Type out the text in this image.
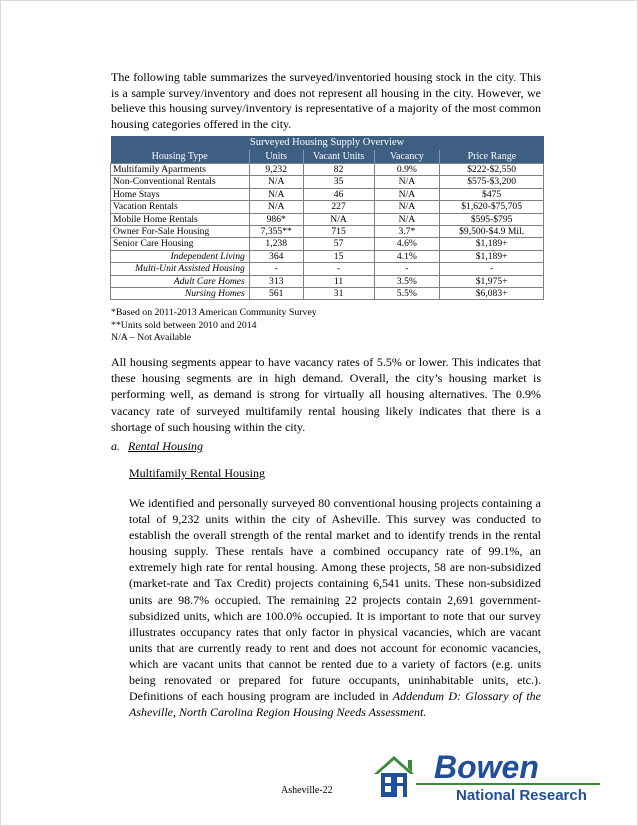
The following table summarizes the surveyed/inventoried housing stock in the city. This is a sample survey/inventory and does not represent all housing in the city. However, we believe this housing survey/inventory is representative of a majority of the most common housing categories offered in the city.

Surveyed Housing Supply Overview				
Housing Type	Units	Vacant Units	Vacancy	Price Range
Multifamily Apartments	9,232	82	0.9%	$222-$2,550
Non-Conventional Rentals	N/A	35	N/A	$575-$3,200
Home Stays	N/A	46	N/A	$475
Vacation Rentals	N/A	227	N/A	$1,620-$75,705
Mobile Home Rentals	986*	N/A	N/A	$595-$795
Owner For-Sale Housing	7,355**	715	3.7*	$9,500-$4.9 Mil.
Senior Care Housing	1,238	57	4.6%	$1,189+
Independent Living	364	15	4.1%	$1,189+
Multi-Unit Assisted Housing	-	-	-	-
Adult Care Homes	313	11	3.5%	$1,975+
Nursing Homes	561	31	5.5%	$6,083+
*Based on 2011-2013 American Community Survey
**Units sold between 2010 and 2014
N/A – Not Available

All housing segments appear to have vacancy rates of 5.5% or lower. This indicates that these housing segments are in high demand. Overall, the city’s housing market is performing well, as demand is strong for virtually all housing alternatives. The 0.9% vacancy rate of surveyed multifamily rental housing likely indicates that there is a shortage of such housing within the city.

a. Rental Housing

Multifamily Rental Housing

We identified and personally surveyed 80 conventional housing projects containing a total of 9,232 units within the city of Asheville. This survey was conducted to establish the overall strength of the rental market and to identify trends in the rental housing supply. These rentals have a combined occupancy rate of 99.1%, an extremely high rate for rental housing. Among these projects, 58 are non-subsidized (market-rate and Tax Credit) projects containing 6,541 units. These non-subsidized units are 98.7% occupied. The remaining 22 projects contain 2,691 government-subsidized units, which are 100.0% occupied. It is important to note that our survey illustrates occupancy rates that only factor in physical vacancies, which are vacant units that are currently ready to rent and does not account for economic vacancies, which are vacant units that cannot be rented due to a variety of factors (e.g. units being renovated or prepared for future occupants, uninhabitable units, etc.). Definitions of each housing program are included in Addendum D: Glossary of the Asheville, North Carolina Region Housing Needs Assessment.

Asheville-22
Bowen
National Research
